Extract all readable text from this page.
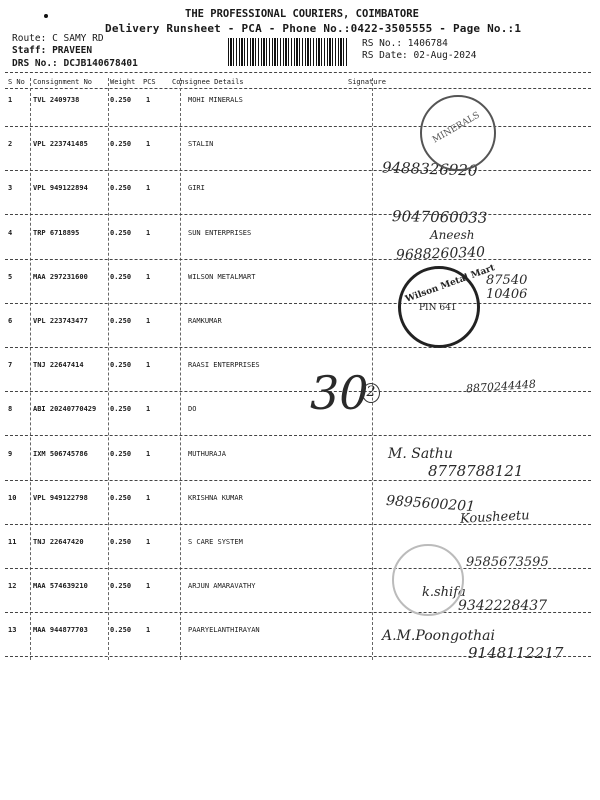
THE PROFESSIONAL COURIERS, COIMBATORE
Delivery Runsheet - PCA - Phone No.:0422-3505555 - Page No.:1
Route: C SAMY RD
Staff: PRAVEEN
DRS No.: DCJB140678401
RS No.: 1406784
RS Date: 02-Aug-2024
S No Consignment No	Weight PCS Consignee Details	Signature
1	TVL 2409738	0.250 1	MOHI MINERALS
2	VPL 223741485	0.250 1	STALIN
3	VPL 949122894	0.250 1	GIRI
4	TRP 6718895	0.250 1	SUN ENTERPRISES
5	MAA 297231600	0.250 1	WILSON METALMART
6	VPL 223743477	0.250 1	RAMKUMAR
7	TNJ 22647414	0.250 1	RAASI ENTERPRISES
8	ABI 20240770429 0.250 1	DO
9	IXM 506745786	0.250 1	MUTHURAJA
10 VPL 949122798	0.250 1	KRISHNA KUMAR
11 TNJ 22647420	0.250 1	S CARE SYSTEM
12 MAA 574639210	0.250 1	ARJUN AMARAVATHY
13 MAA 944877703	0.250 1	PAARYELANTHIRAYAN
9488326920
9047060033
Aneesh
9688260340
87540 10406
30
2	8870244448
M. Sathu
8778788121
9895600201
Kousheetu
9585673595
k.shifa
9342228437
A.M.Poongothai
9148112217
MINERALS
Wilson Metal Mart
PIN 641
